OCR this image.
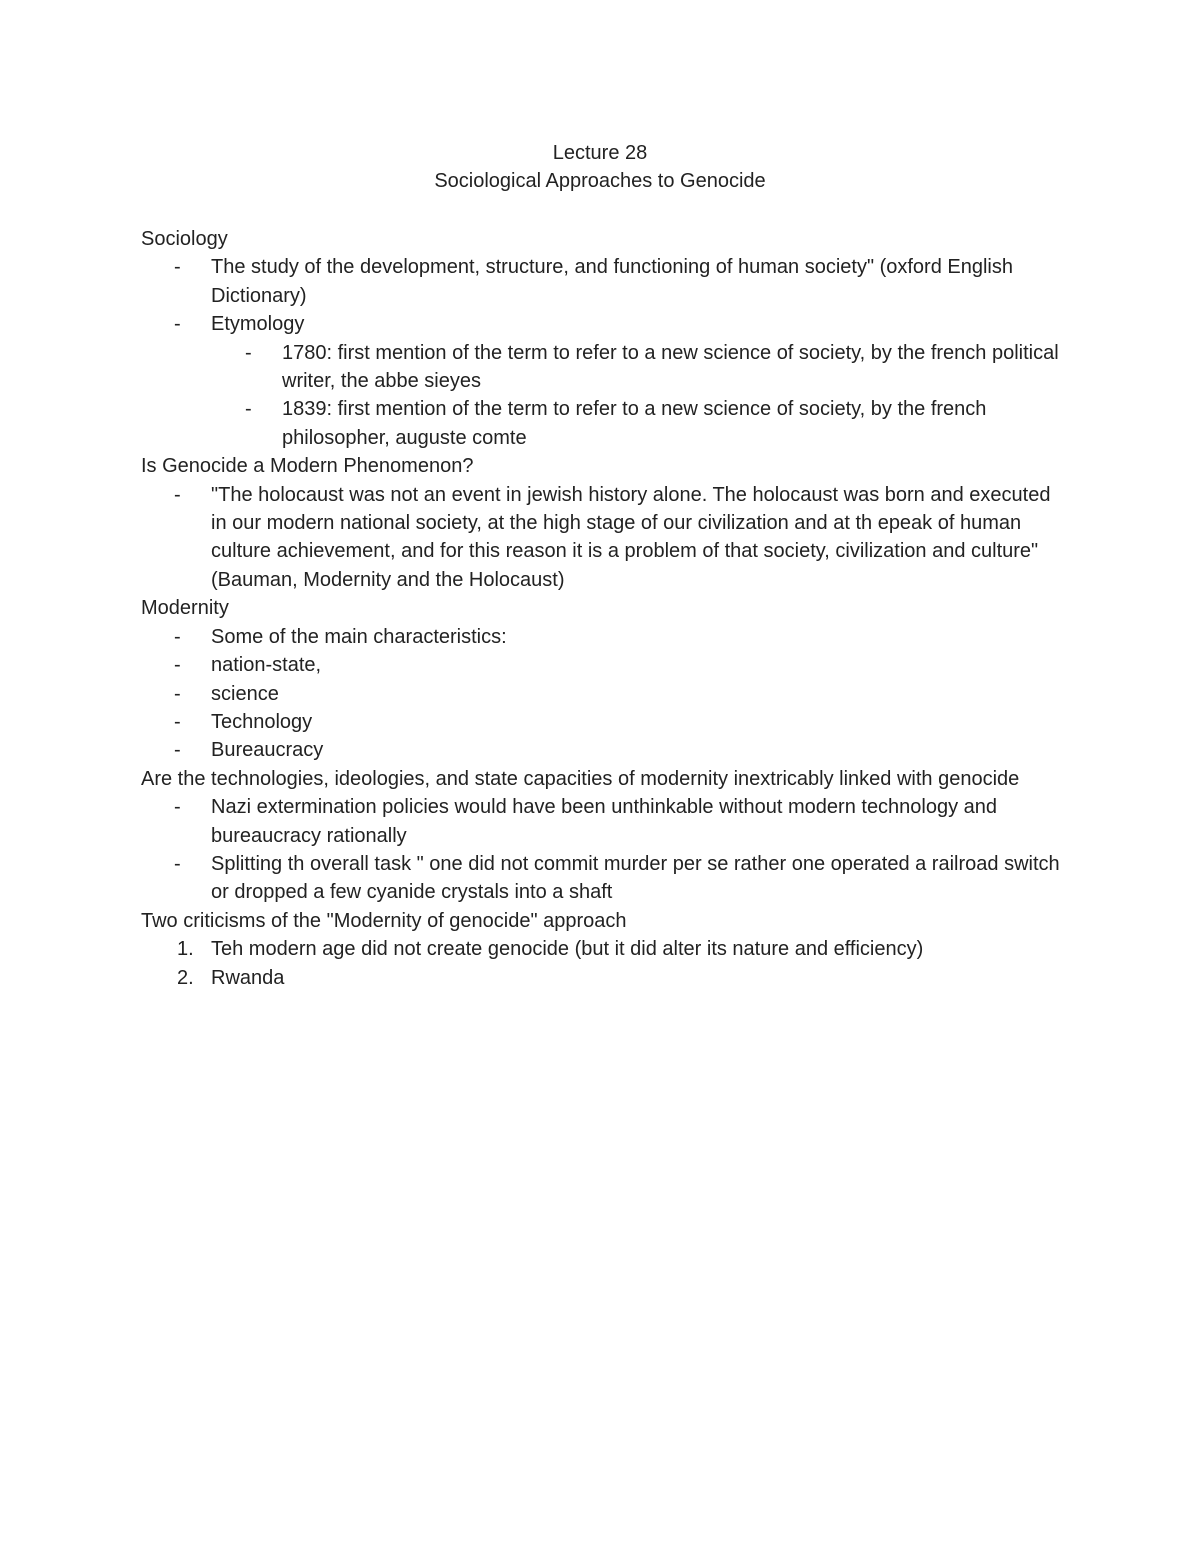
Lecture 28
Sociological Approaches to Genocide
Sociology
-	The study of the development, structure, and functioning of human society" (oxford English Dictionary)
-	Etymology
-	1780: first mention of the term to refer to a new science of society, by the french political writer, the abbe sieyes
-	1839: first mention of the term to refer to a new science of society, by the french philosopher, auguste comte
Is Genocide a Modern Phenomenon?
-	"The holocaust was not an event in jewish history alone. The holocaust was born and executed in our modern national society, at the high stage of our civilization and at th epeak of human culture achievement, and for this reason it is a problem of that society, civilization and culture" (Bauman, Modernity and the Holocaust)
Modernity
-	Some of the main characteristics:
-	nation-state,
-	science
-	Technology
-	Bureaucracy
Are the technologies, ideologies, and state capacities of modernity inextricably linked with genocide
-	Nazi extermination policies would have been unthinkable without modern technology and bureaucracy rationally
-	Splitting th overall task " one did not commit murder per se rather one operated a railroad switch or dropped a few cyanide crystals into a shaft
Two criticisms of the "Modernity of genocide" approach
1. Teh modern age did not create genocide (but it did alter its nature and efficiency)
2. Rwanda
